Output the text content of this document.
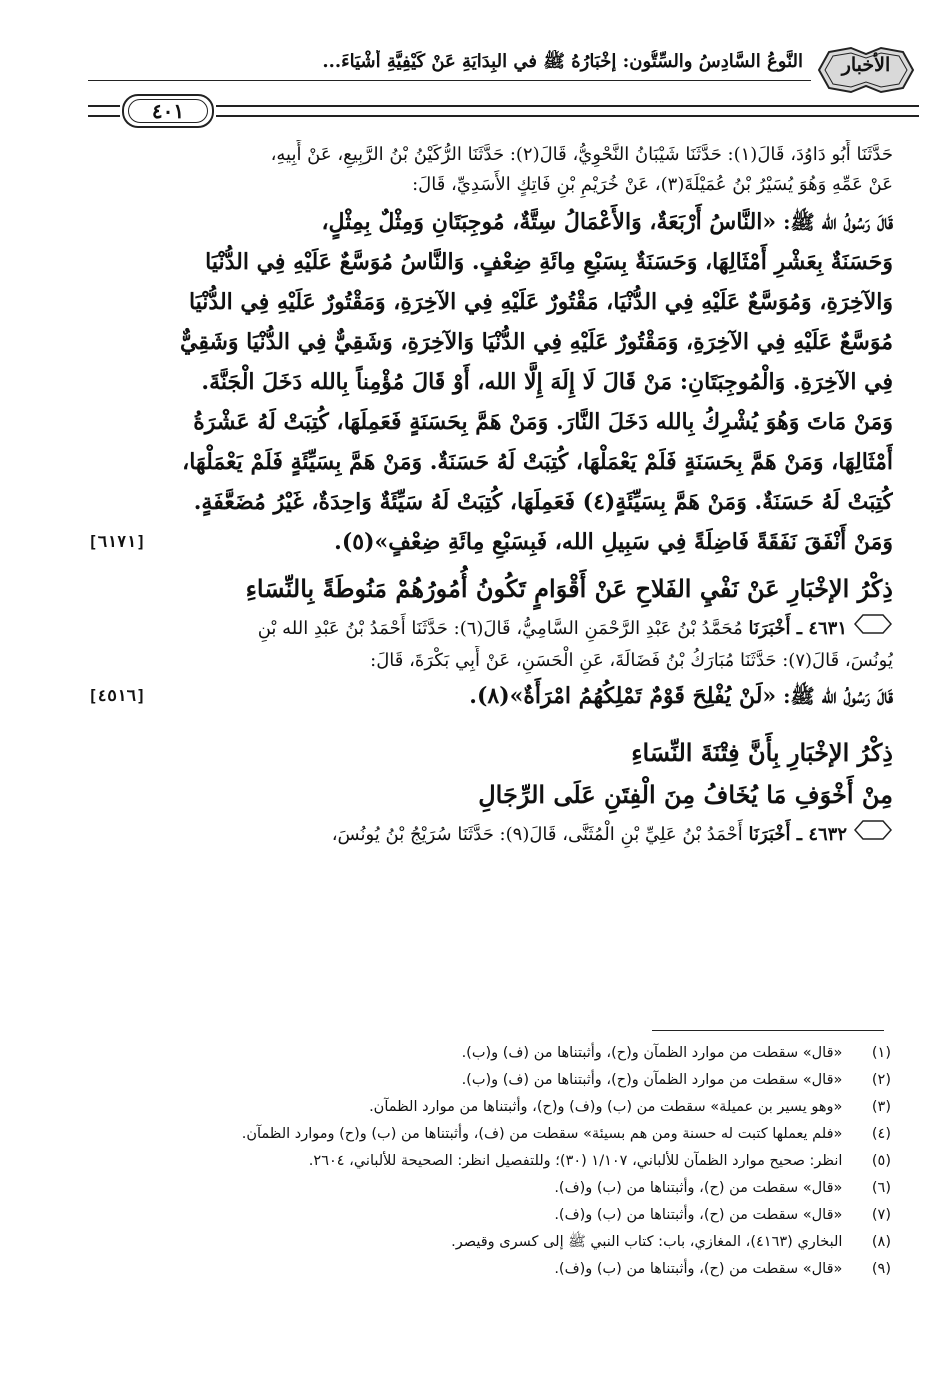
الأخبار
النَّوعُ السَّادِسُ والسِّتُّون: إخْبَارُهُ ﷺ في البِدَايَةِ عَنْ كَيْفِيَّةِ أَشْيَاءَ...
٤٠١
حَدَّثَنَا أَبُو دَاوُدَ، قَالَ(١): حَدَّثَنَا شَيْبَانُ النَّحْوِيُّ، قَالَ(٢): حَدَّثَنَا الرُّكَيْنُ بْنُ الرَّبِيعِ، عَنْ أَبِيهِ،
عَنْ عَمِّهِ وَهُوَ يُسَيْرُ بْنُ عُمَيْلَةَ(٣)، عَنْ خُرَيْمِ بْنِ فَاتِكٍ الأَسَدِيِّ، قَالَ:
قَالَ رَسُولُ الله ﷺ: «النَّاسُ أَرْبَعَةٌ، وَالأَعْمَالُ سِتَّةٌ، مُوجِبَتَانِ وَمِثْلٌ بِمِثْلٍ،
وَحَسَنَةٌ بِعَشْرِ أَمْثَالِهَا، وَحَسَنَةٌ بِسَبْعِ مِائَةِ ضِعْفٍ. وَالنَّاسُ مُوَسَّعٌ عَلَيْهِ فِي الدُّنْيَا
وَالآخِرَةِ، وَمُوَسَّعٌ عَلَيْهِ فِي الدُّنْيَا، مَقْتُورٌ عَلَيْهِ فِي الآخِرَةِ، وَمَقْتُورٌ عَلَيْهِ فِي الدُّنْيَا
مُوَسَّعٌ عَلَيْهِ فِي الآخِرَةِ، وَمَقْتُورٌ عَلَيْهِ فِي الدُّنْيَا وَالآخِرَةِ، وَشَقِيٌّ فِي الدُّنْيَا وَشَقِيٌّ
فِي الآخِرَةِ. وَالْمُوجِبَتَانِ: مَنْ قَالَ لَا إِلَهَ إِلَّا الله، أَوْ قَالَ مُؤْمِناً بِالله دَخَلَ الْجَنَّةَ.
وَمَنْ مَاتَ وَهُوَ يُشْرِكُ بِالله دَخَلَ النَّارَ. وَمَنْ هَمَّ بِحَسَنَةٍ فَعَمِلَهَا، كُتِبَتْ لَهُ عَشْرَةُ
أَمْثَالِهَا، وَمَنْ هَمَّ بِحَسَنَةٍ فَلَمْ يَعْمَلْهَا، كُتِبَتْ لَهُ حَسَنَةٌ. وَمَنْ هَمَّ بِسَيِّئَةٍ فَلَمْ يَعْمَلْهَا،
كُتِبَتْ لَهُ حَسَنَةٌ. وَمَنْ هَمَّ بِسَيِّئَةٍ(٤) فَعَمِلَهَا، كُتِبَتْ لَهُ سَيِّئَةٌ وَاحِدَةٌ، غَيْرُ مُضَعَّفَةٍ.
[٦١٧١]	وَمَنْ أَنْفَقَ نَفَقَةً فَاضِلَةً فِي سَبِيلِ الله، فَبِسَبْعِ مِائَةِ ضِعْفٍ»(٥).
ذِكْرُ الإخْبَارِ عَنْ نَفْيِ الفَلاحِ عَنْ أَقْوَامٍ تَكُونُ أُمُورُهُمْ مَنُوطَةً بِالنِّسَاءِ
٤٦٣١ ـ أَخْبَرَنَا مُحَمَّدُ بْنُ عَبْدِ الرَّحْمَنِ السَّامِيُّ، قَالَ(٦): حَدَّثَنَا أَحْمَدُ بْنُ عَبْدِ الله بْنِ
يُونُسَ، قَالَ(٧): حَدَّثَنَا مُبَارَكُ بْنُ فَضَالَةَ، عَنِ الْحَسَنِ، عَنْ أَبِي بَكْرَةَ، قَالَ:
[٤٥١٦]	قَالَ رَسُولُ الله ﷺ: «لَنْ يُفْلِحَ قَوْمٌ تَمْلِكُهُمُ امْرَأَةٌ»(٨).
ذِكْرُ الإخْبَارِ بِأَنَّ فِتْنَةَ النِّسَاءِ
مِنْ أَخْوَفِ مَا يُخَافُ مِنَ الْفِتَنِ عَلَى الرِّجَالِ
٤٦٣٢ ـ أَخْبَرَنَا أَحْمَدُ بْنُ عَلِيِّ بْنِ الْمُثَنَّى، قَالَ(٩): حَدَّثَنَا سُرَيْجُ بْنُ يُونُسَ،
(١) «قال» سقطت من موارد الظمآن و(ح)، وأثبتناها من (ف) و(ب).
(٢) «قال» سقطت من موارد الظمآن و(ح)، وأثبتناها من (ف) و(ب).
(٣) «وهو يسير بن عميلة» سقطت من (ب) و(ف) و(ح)، وأثبتناها من موارد الظمآن.
(٤) «فلم يعملها كتبت له حسنة ومن هم بسيئة» سقطت من (ف)، وأثبتناها من (ب) و(ح) وموارد الظمآن.
(٥) انظر: صحيح موارد الظمآن للألباني، ١/١٠٧ (٣٠)؛ وللتفصيل انظر: الصحيحة للألباني، ٢٦٠٤.
(٦) «قال» سقطت من (ح)، وأثبتناها من (ب) و(ف).
(٧) «قال» سقطت من (ح)، وأثبتناها من (ب) و(ف).
(٨) البخاري (٤١٦٣)، المغازي، باب: كتاب النبي ﷺ إلى كسرى وقيصر.
(٩) «قال» سقطت من (ح)، وأثبتناها من (ب) و(ف).
